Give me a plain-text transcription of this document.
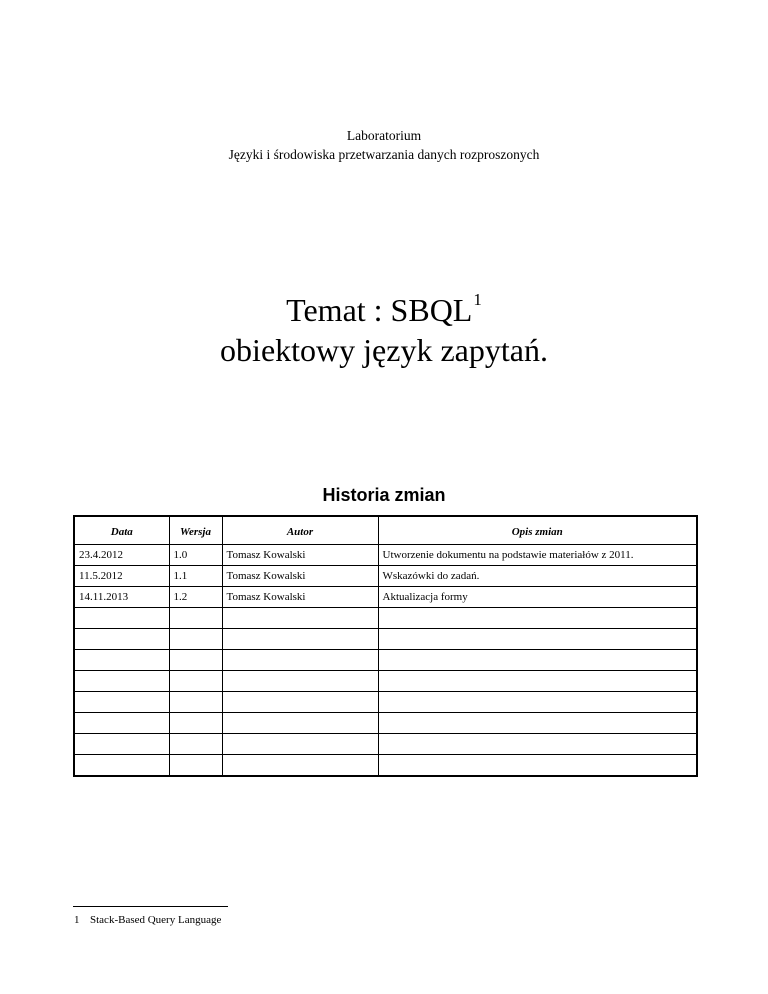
Laboratorium
Języki i środowiska przetwarzania danych rozproszonych
Temat : SBQL$^1$
obiektowy język zapytań.
Historia zmian
Data	Wersja	Autor	Opis zmian
23.4.2012	1.0	Tomasz Kowalski	Utworzenie dokumentu na podstawie materiałów z 2011.
11.5.2012	1.1	Tomasz Kowalski	Wskazówki do zadań.
14.11.2013	1.2	Tomasz Kowalski	Aktualizacja formy

1 Stack-Based Query Language
